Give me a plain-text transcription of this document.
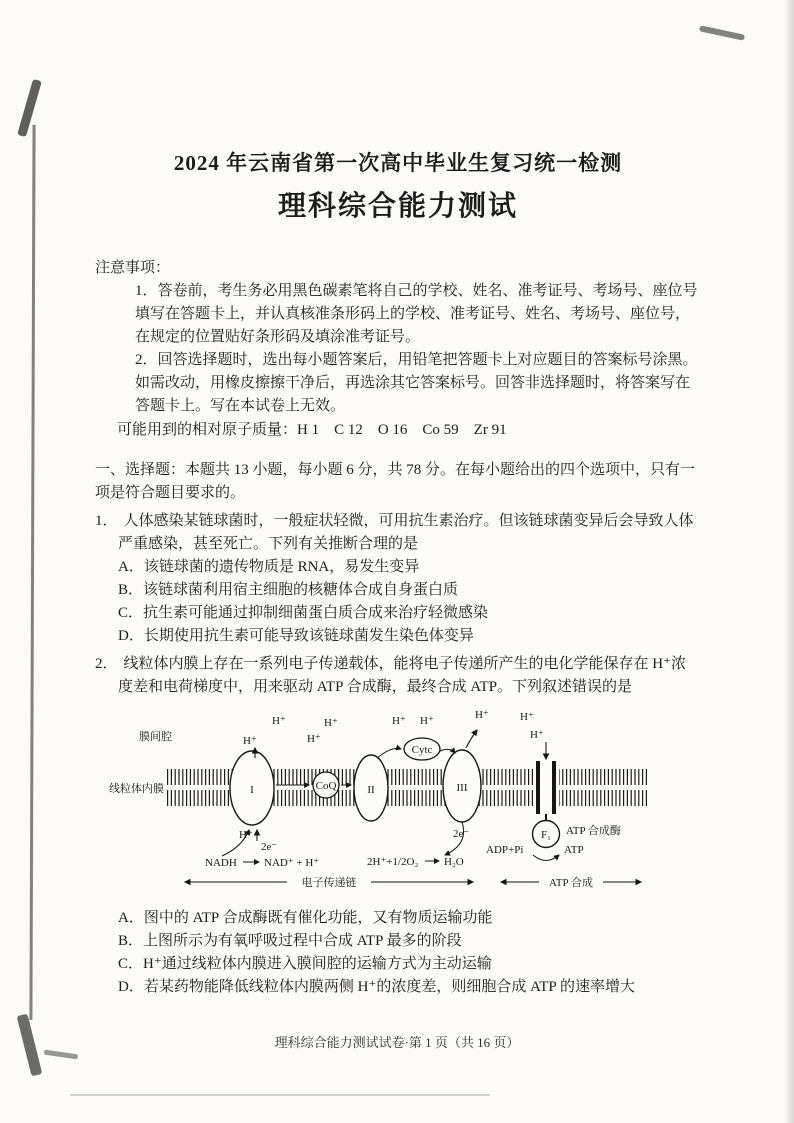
2024 年云南省第一次高中毕业生复习统一检测
理科综合能力测试
注意事项：
1．答卷前，考生务必用黑色碳素笔将自己的学校、姓名、准考证号、考场号、座位号填写在答题卡上，并认真核准条形码上的学校、准考证号、姓名、考场号、座位号，在规定的位置贴好条形码及填涂准考证号。
2．回答选择题时，选出每小题答案后，用铅笔把答题卡上对应题目的答案标号涂黑。如需改动，用橡皮擦擦干净后，再选涂其它答案标号。回答非选择题时，将答案写在答题卡上。写在本试卷上无效。
可能用到的相对原子质量：H 1　C 12　O 16　Co 59　Zr 91
一、选择题：本题共 13 小题，每小题 6 分，共 78 分。在每小题给出的四个选项中，只有一项是符合题目要求的。
1． 人体感染某链球菌时，一般症状轻微，可用抗生素治疗。但该链球菌变异后会导致人体严重感染，甚至死亡。下列有关推断合理的是
A．该链球菌的遗传物质是 RNA，易发生变异
B．该链球菌利用宿主细胞的核糖体合成自身蛋白质
C．抗生素可能通过抑制细菌蛋白质合成来治疗轻微感染
D．长期使用抗生素可能导致该链球菌发生染色体变异
2． 线粒体内膜上存在一系列电子传递载体，能将电子传递所产生的电化学能保存在 H⁺浓度差和电荷梯度中，用来驱动 ATP 合成酶，最终合成 ATP。下列叙述错误的是
膜间腔
线粒体内膜	I	CoQ	II
Cytc
III
F₁ ATP 合成酶
H⁺	H⁺
H⁺	H⁺
H⁺ H⁺	H⁺	H⁺
H⁺
H⁺
2e⁻
NADH NAD⁺ + H⁺
2e⁻
2H⁺+1/2O₂ H₂O
ADP+Pi	ATP
电子传递链	ATP 合成
A．图中的 ATP 合成酶既有催化功能，又有物质运输功能
B．上图所示为有氧呼吸过程中合成 ATP 最多的阶段
C．H⁺通过线粒体内膜进入膜间腔的运输方式为主动运输
D．若某药物能降低线粒体内膜两侧 H⁺的浓度差，则细胞合成 ATP 的速率增大
理科综合能力测试试卷·第 1 页（共 16 页）
